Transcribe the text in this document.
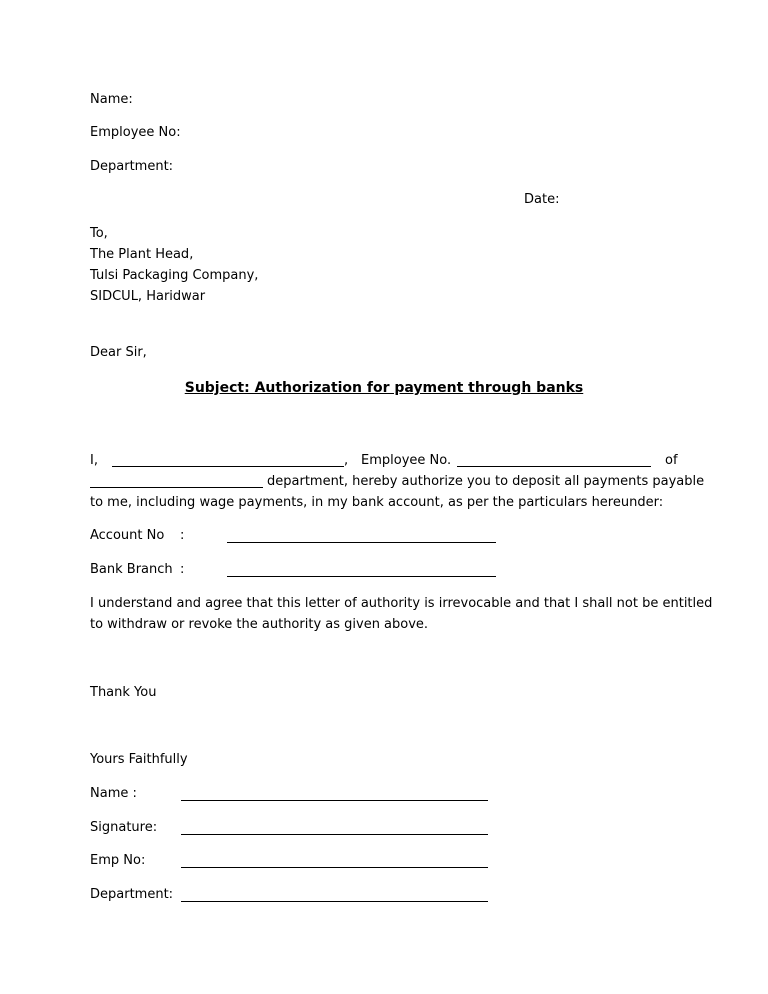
Name:
Employee No:
Department:
Date:
To,
The Plant Head,
Tulsi Packaging Company,
SIDCUL, Haridwar
Dear Sir,
Subject: Authorization for payment through banks
I,	, Employee No.	of
department, hereby authorize you to deposit all payments payable
to me, including wage payments, in my bank account, as per the particulars hereunder:
Account No :
Bank Branch :
I understand and agree that this letter of authority is irrevocable and that I shall not be entitled
to withdraw or revoke the authority as given above.
Thank You
Yours Faithfully
Name :
Signature:
Emp No:
Department:
